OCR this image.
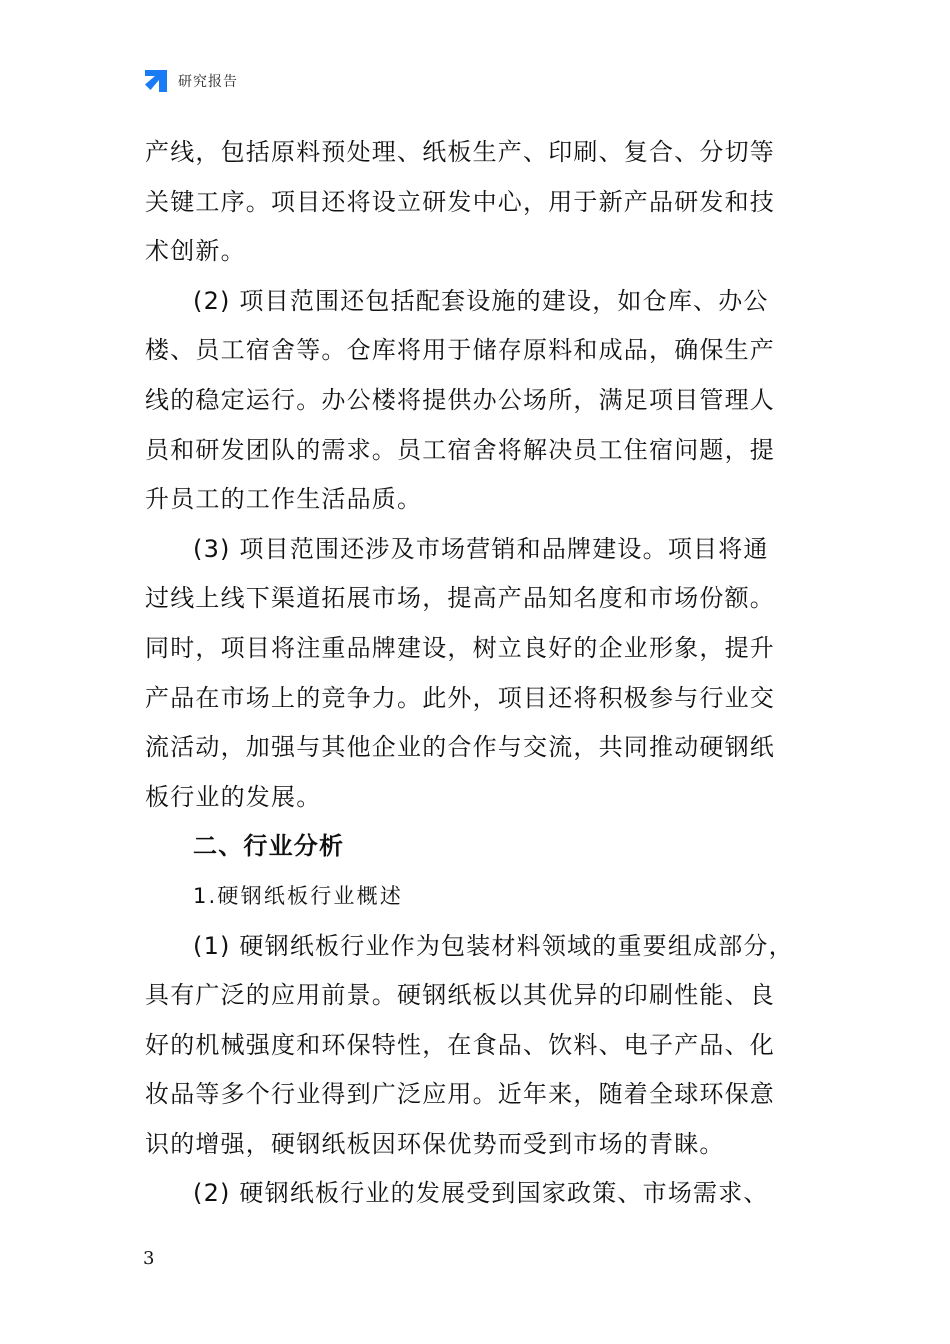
研究报告
产线，包括原料预处理、纸板生产、印刷、复合、分切等
关键工序。项目还将设立研发中心，用于新产品研发和技
术创新。
(2) 项目范围还包括配套设施的建设，如仓库、办公
楼、员工宿舍等。仓库将用于储存原料和成品，确保生产
线的稳定运行。办公楼将提供办公场所，满足项目管理人
员和研发团队的需求。员工宿舍将解决员工住宿问题，提
升员工的工作生活品质。
(3) 项目范围还涉及市场营销和品牌建设。项目将通
过线上线下渠道拓展市场，提高产品知名度和市场份额。
同时，项目将注重品牌建设，树立良好的企业形象，提升
产品在市场上的竞争力。此外，项目还将积极参与行业交
流活动，加强与其他企业的合作与交流，共同推动硬钢纸
板行业的发展。
二、行业分析
1.硬钢纸板行业概述
(1) 硬钢纸板行业作为包装材料领域的重要组成部分，
具有广泛的应用前景。硬钢纸板以其优异的印刷性能、良
好的机械强度和环保特性，在食品、饮料、电子产品、化
妆品等多个行业得到广泛应用。近年来，随着全球环保意
识的增强，硬钢纸板因环保优势而受到市场的青睐。
(2) 硬钢纸板行业的发展受到国家政策、市场需求、
3
